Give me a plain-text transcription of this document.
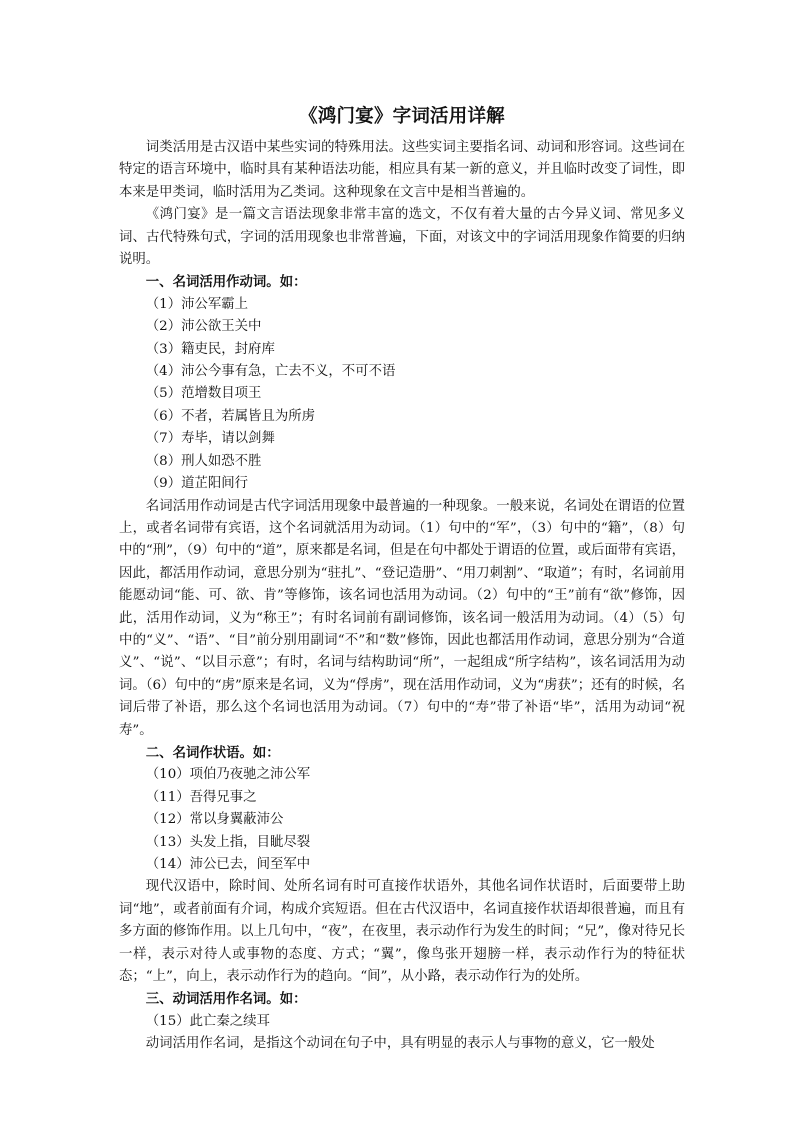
《鸿门宴》字词活用详解

词类活用是古汉语中某些实词的特殊用法。这些实词主要指名词、动词和形容词。这些词在特定的语言环境中，临时具有某种语法功能，相应具有某一新的意义，并且临时改变了词性，即本来是甲类词，临时活用为乙类词。这种现象在文言中是相当普遍的。

《鸿门宴》是一篇文言语法现象非常丰富的选文，不仅有着大量的古今异义词、常见多义词、古代特殊句式，字词的活用现象也非常普遍，下面，对该文中的字词活用现象作简要的归纳说明。

一、名词活用作动词。如：

（1）沛公军霸上

（2）沛公欲王关中

（3）籍吏民，封府库

（4）沛公今事有急，亡去不义，不可不语

（5）范增数目项王

（6）不者，若属皆且为所虏

（7）寿毕，请以剑舞

（8）刑人如恐不胜

（9）道芷阳间行

名词活用作动词是古代字词活用现象中最普遍的一种现象。一般来说，名词处在谓语的位置上，或者名词带有宾语，这个名词就活用为动词。（1）句中的“军”，（3）句中的“籍”，（8）句中的“刑”，（9）句中的“道”，原来都是名词，但是在句中都处于谓语的位置，或后面带有宾语，因此，都活用作动词，意思分别为“驻扎”、“登记造册”、“用刀刺割”、“取道”；有时，名词前用能愿动词“能、可、欲、肯”等修饰，该名词也活用为动词。（2）句中的“王”前有“欲”修饰，因此，活用作动词，义为“称王”；有时名词前有副词修饰，该名词一般活用为动词。（4）（5）句中的“义”、“语”、“目”前分别用副词“不”和“数”修饰，因此也都活用作动词，意思分别为“合道义”、“说”、“以目示意”；有时，名词与结构助词“所”，一起组成“所字结构”，该名词活用为动词。（6）句中的“虏”原来是名词，义为“俘虏”，现在活用作动词，义为“虏获”；还有的时候，名词后带了补语，那么这个名词也活用为动词。（7）句中的“寿”带了补语“毕”，活用为动词“祝寿”。

二、名词作状语。如：

（10）项伯乃夜驰之沛公军

（11）吾得兄事之

（12）常以身翼蔽沛公

（13）头发上指，目眦尽裂

（14）沛公已去，间至军中

现代汉语中，除时间、处所名词有时可直接作状语外，其他名词作状语时，后面要带上助词“地”，或者前面有介词，构成介宾短语。但在古代汉语中，名词直接作状语却很普遍，而且有多方面的修饰作用。以上几句中，“夜”，在夜里，表示动作行为发生的时间；“兄”，像对待兄长一样，表示对待人或事物的态度、方式；“翼”，像鸟张开翅膀一样，表示动作行为的特征状态；“上”，向上，表示动作行为的趋向。“间”，从小路，表示动作行为的处所。

三、动词活用作名词。如：

（15）此亡秦之续耳

动词活用作名词，是指这个动词在句子中，具有明显的表示人与事物的意义，它一般处
